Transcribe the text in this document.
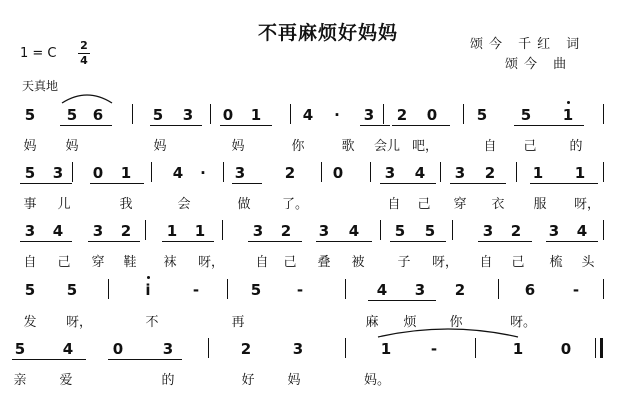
不再麻烦好妈妈
颂今 千红 词
颂今 曲
1 = C
2
4
天真地
5 5 6	5 3 0 1	4 · 3 2 0	5 5 1
妈 妈	妈	妈	你	歌 会儿 吧，	自 己	的
5 3 0 1	4 · 3	2	0	3 4 3 2	1 1
事 儿	我	会	做 了。	自 己 穿 衣 服 呀，
3 4 3 2 1 1	3 2 3 4 5 5	3 2 3 4
自 己 穿 鞋 袜 呀， 自 己 叠 被	子 呀， 自 己 梳 头
5 5	i	-	5 -	4 3 2	6	-
发 呀，	不	再	麻 烦	你	呀。
5	4	0	3	2	3	1	-	1	0
亲	爱	的	好	妈	妈。
